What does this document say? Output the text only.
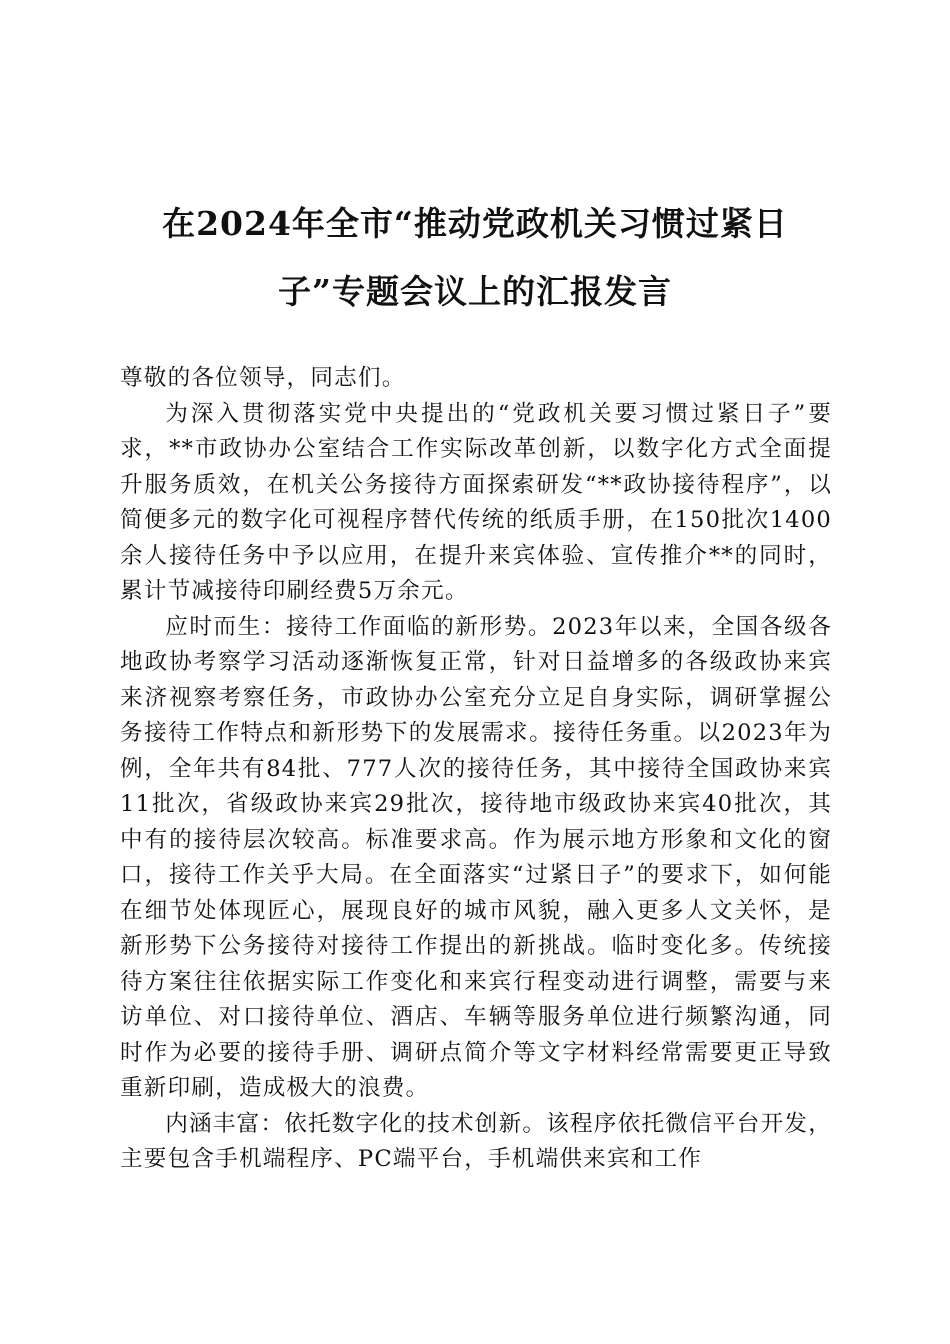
在2024年全市“推动党政机关习惯过紧日
子”专题会议上的汇报发言

尊敬的各位领导，同志们。

为深入贯彻落实党中央提出的“党政机关要习惯过紧日子”要求，**市政协办公室结合工作实际改革创新，以数字化方式全面提升服务质效，在机关公务接待方面探索研发“**政协接待程序”，以简便多元的数字化可视程序替代传统的纸质手册，在150批次1400余人接待任务中予以应用，在提升来宾体验、宣传推介**的同时，累计节减接待印刷经费5万余元。

应时而生：接待工作面临的新形势。2023年以来，全国各级各地政协考察学习活动逐渐恢复正常，针对日益增多的各级政协来宾来济视察考察任务，市政协办公室充分立足自身实际，调研掌握公务接待工作特点和新形势下的发展需求。接待任务重。以2023年为例，全年共有84批、777人次的接待任务，其中接待全国政协来宾11批次，省级政协来宾29批次，接待地市级政协来宾40批次，其中有的接待层次较高。标准要求高。作为展示地方形象和文化的窗口，接待工作关乎大局。在全面落实“过紧日子”的要求下，如何能在细节处体现匠心，展现良好的城市风貌，融入更多人文关怀，是新形势下公务接待对接待工作提出的新挑战。临时变化多。传统接待方案往往依据实际工作变化和来宾行程变动进行调整，需要与来访单位、对口接待单位、酒店、车辆等服务单位进行频繁沟通，同时作为必要的接待手册、调研点简介等文字材料经常需要更正导致重新印刷，造成极大的浪费。

内涵丰富：依托数字化的技术创新。该程序依托微信平台开发，主要包含手机端程序、PC端平台，手机端供来宾和工作
